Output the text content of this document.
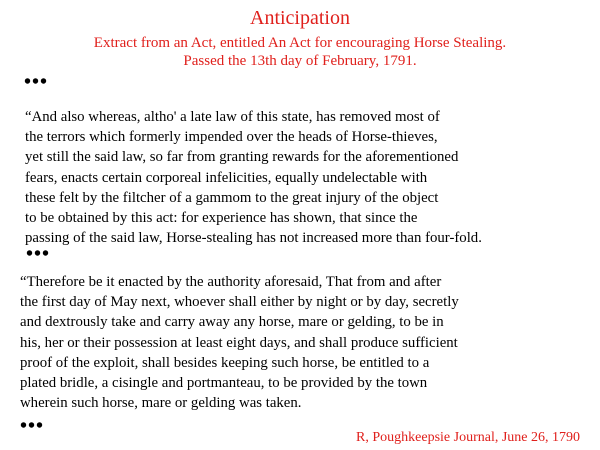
Anticipation
Extract from an Act, entitled An Act for encouraging Horse Stealing.
Passed the 13th day of February, 1791.
•••
“And also whereas, altho' a late law of this state, has removed most of
the terrors which formerly impended over the heads of Horse-thieves,
yet still the said law, so far from granting rewards for the aforementioned
fears, enacts certain corporeal infelicities, equally undelectable with
these felt by the filtcher of a gammom to the great injury of the object
to be obtained by this act: for experience has shown, that since the
passing of the said law, Horse-stealing has not increased more than four-fold.
•••
“Therefore be it enacted by the authority aforesaid, That from and after
the first day of May next, whoever shall either by night or by day, secretly
and dextrously take and carry away any horse, mare or gelding, to be in
his, her or their possession at least eight days, and shall produce sufficient
proof of the exploit, shall besides keeping such horse, be entitled to a
plated bridle, a cisingle and portmanteau, to be provided by the town
wherein such horse, mare or gelding was taken.
•••
R, Poughkeepsie Journal, June 26, 1790
